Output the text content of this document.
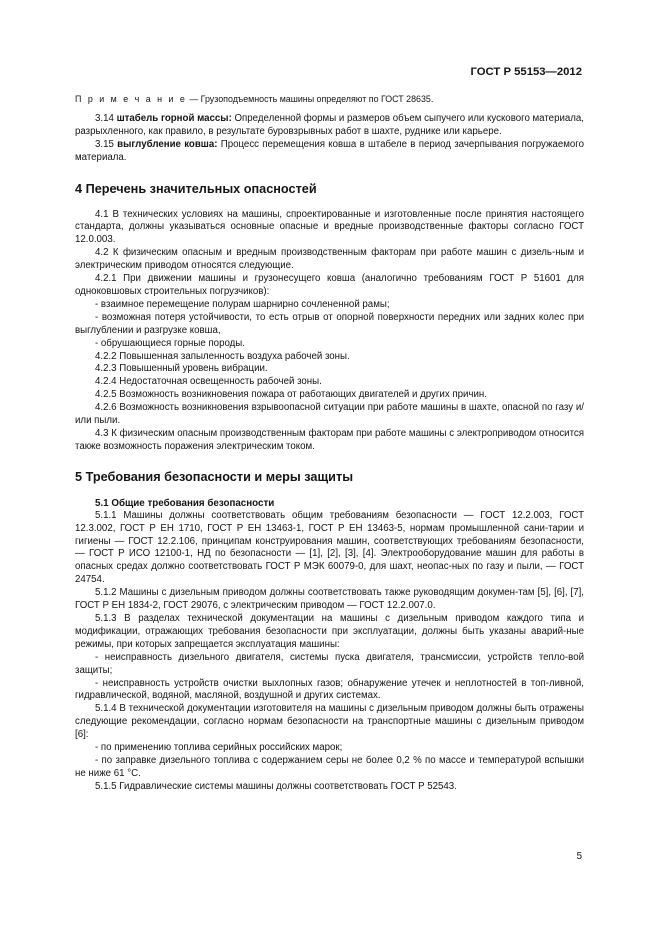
ГОСТ Р 55153—2012

П р и м е ч а н и е — Грузоподъемность машины определяют по ГОСТ 28635.

3.14 штабель горной массы: Определенной формы и размеров объем сыпучего или кускового материала, разрыхленного, как правило, в результате буровзрывных работ в шахте, руднике или карьере.

3.15 выглубление ковша: Процесс перемещения ковша в штабеле в период зачерпывания погружаемого материала.

4 Перечень значительных опасностей

4.1 В технических условиях на машины, спроектированные и изготовленные после принятия настоящего стандарта, должны указываться основные опасные и вредные производственные факторы согласно ГОСТ 12.0.003.

4.2 К физическим опасным и вредным производственным факторам при работе машин с дизель-ным и электрическим приводом относятся следующие.

4.2.1 При движении машины и грузонесущего ковша (аналогично требованиям ГОСТ Р 51601 для одноковшовых строительных погрузчиков):

- взаимное перемещение полурам шарнирно сочлененной рамы;

- возможная потеря устойчивости, то есть отрыв от опорной поверхности передних или задних колес при выглублении и разгрузке ковша,

- обрушающиеся горные породы.

4.2.2 Повышенная запыленность воздуха рабочей зоны.

4.2.3 Повышенный уровень вибрации.

4.2.4 Недостаточная освещенность рабочей зоны.

4.2.5 Возможность возникновения пожара от работающих двигателей и других причин.

4.2.6 Возможность возникновения взрывоопасной ситуации при работе машины в шахте, опасной по газу и/или пыли.

4.3 К физическим опасным производственным факторам при работе машины с электроприводом относится также возможность поражения электрическим током.

5 Требования безопасности и меры защиты
5.1 Общие требования безопасности

5.1.1 Машины должны соответствовать общим требованиям безопасности — ГОСТ 12.2.003, ГОСТ 12.3.002, ГОСТ Р ЕН 1710, ГОСТ Р ЕН 13463-1, ГОСТ Р ЕН 13463-5, нормам промышленной сани-тарии и гигиены — ГОСТ 12.2.106, принципам конструирования машин, соответствующих требованиям безопасности, — ГОСТ Р ИСО 12100-1, НД по безопасности — [1], [2], [3], [4]. Электрооборудование машин для работы в опасных средах должно соответствовать ГОСТ Р МЭК 60079-0, для шахт, неопас-ных по газу и пыли, — ГОСТ 24754.

5.1.2 Машины с дизельным приводом должны соответствовать также руководящим докумен-там [5], [6], [7], ГОСТ Р ЕН 1834-2, ГОСТ 29076, с электрическим приводом — ГОСТ 12.2.007.0.

5.1.3 В разделах технической документации на машины с дизельным приводом каждого типа и модификации, отражающих требования безопасности при эксплуатации, должны быть указаны аварий-ные режимы, при которых запрещается эксплуатация машины:

- неисправность дизельного двигателя, системы пуска двигателя, трансмиссии, устройств тепло-вой защиты;

- неисправность устройств очистки выхлопных газов; обнаружение утечек и неплотностей в топ-ливной, гидравлической, водяной, масляной, воздушной и других системах.

5.1.4 В технической документации изготовителя на машины с дизельным приводом должны быть отражены следующие рекомендации, согласно нормам безопасности на транспортные машины с дизельным приводом [6]:

- по применению топлива серийных российских марок;

- по заправке дизельного топлива с содержанием серы не более 0,2 % по массе и температурой вспышки не ниже 61 °С.

5.1.5 Гидравлические системы машины должны соответствовать ГОСТ Р 52543.

5
